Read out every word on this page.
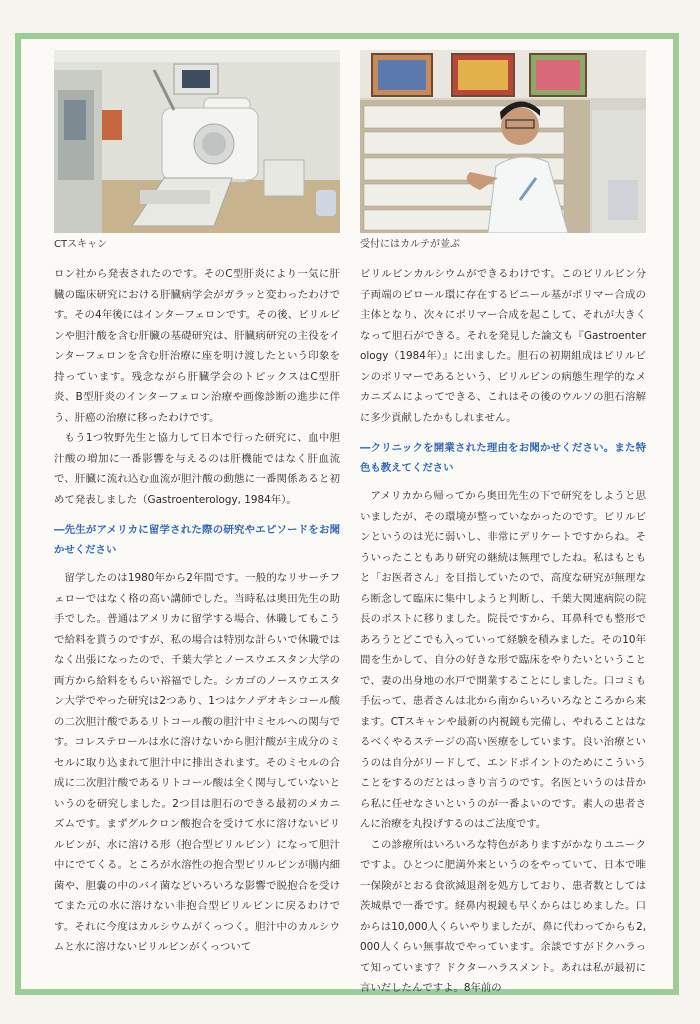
CTスキャン

ロン社から発表されたのです。そのC型肝炎により一気に肝臓の臨床研究における肝臓病学会がガラッと変わったわけです。その4年後にはインターフェロンです。その後、ビリルビンや胆汁酸を含む肝臓の基礎研究は、肝臓病研究の主役をインターフェロンを含む肝治療に座を明け渡したという印象を持っています。残念ながら肝臓学会のトピックスはC型肝炎、B型肝炎のインターフェロン治療や画像診断の進歩に伴う、肝癌の治療に移ったわけです。

もう1つ牧野先生と協力して日本で行った研究に、血中胆汁酸の増加に一番影響を与えるのは肝機能ではなく肝血流で、肝臓に流れ込む血流が胆汁酸の動態に一番関係あると初めて発表しました（Gastroenterology, 1984年）。

―先生がアメリカに留学された際の研究やエピソードをお聞かせください

留学したのは1980年から2年間です。一般的なリサーチフェローではなく格の高い講師でした。当時私は奥田先生の助手でした。普通はアメリカに留学する場合、休職してもこうで給料を貰うのですが、私の場合は特別な計らいで休職ではなく出張になったので、千葉大学とノースウエスタン大学の両方から給料をもらい裕福でした。シカゴのノースウエスタン大学でやった研究は2つあり、1つはケノデオキシコール酸の二次胆汁酸であるリトコール酸の胆汁中ミセルへの関与です。コレステロールは水に溶けないから胆汁酸が主成分のミセルに取り込まれて胆汁中に排出されます。そのミセルの合成に二次胆汁酸であるリトコール酸は全く関与していないというのを研究しました。2つ目は胆石のできる最初のメカニズムです。まずグルクロン酸抱合を受けて水に溶けないビリルビンが、水に溶ける形（抱合型ビリルビン）になって胆汁中にでてくる。ところが水溶性の抱合型ビリルビンが腸内細菌や、胆嚢の中のバイ菌などいろいろな影響で脱抱合を受けてまた元の水に溶けない非抱合型ビリルビンに戻るわけです。それに今度はカルシウムがくっつく。胆汁中のカルシウムと水に溶けないビリルビンがくっついて

受付にはカルテが並ぶ

ビリルビンカルシウムができるわけです。このビリルビン分子両端のピロール環に存在するビニール基がポリマー合成の主体となり、次々にポリマー合成を起こして、それが大きくなって胆石ができる。それを発見した論文も『Gastroenterology（1984年）』に出ました。胆石の初期組成はビリルビンのポリマーであるという、ビリルビンの病態生理学的なメカニズムによってできる、これはその後のウルソの胆石溶解に多少貢献したかもしれません。

―クリニックを開業された理由をお聞かせください。また特色も教えてください

アメリカから帰ってから奥田先生の下で研究をしようと思いましたが、その環境が整っていなかったのです。ビリルビンというのは光に弱いし、非常にデリケートですからね。そういったこともあり研究の継続は無理でしたね。私はもともと「お医者さん」を目指していたので、高度な研究が無理なら断念して臨床に集中しようと判断し、千葉大関連病院の院長のポストに移りました。院長ですから、耳鼻科でも整形であろうとどこでも入っていって経験を積みました。その10年間を生かして、自分の好きな形で臨床をやりたいということで、妻の出身地の水戸で開業することにしました。口コミも手伝って、患者さんは北から南からいろいろなところから来ます。CTスキャンや最新の内視鏡も完備し、やれることはなるべくやるステージの高い医療をしています。良い治療というのは自分がリードして、エンドポイントのためにこういうことをするのだとはっきり言うのです。名医というのは昔から私に任せなさいというのが一番よいのです。素人の患者さんに治療を丸投げするのはご法度です。

この診療所はいろいろな特色がありますがかなりユニークですよ。ひとつに肥満外来というのをやっていて、日本で唯一保険がとおる食欲減退剤を処方しており、患者数としては茨城県で一番です。経鼻内視鏡も早くからはじめました。口からは10,000人くらいやりましたが、鼻に代わってからも2,000人くらい無事故でやっています。余談ですがドクハラって知っています？ドクターハラスメント。あれは私が最初に言いだしたんですよ。8年前の
